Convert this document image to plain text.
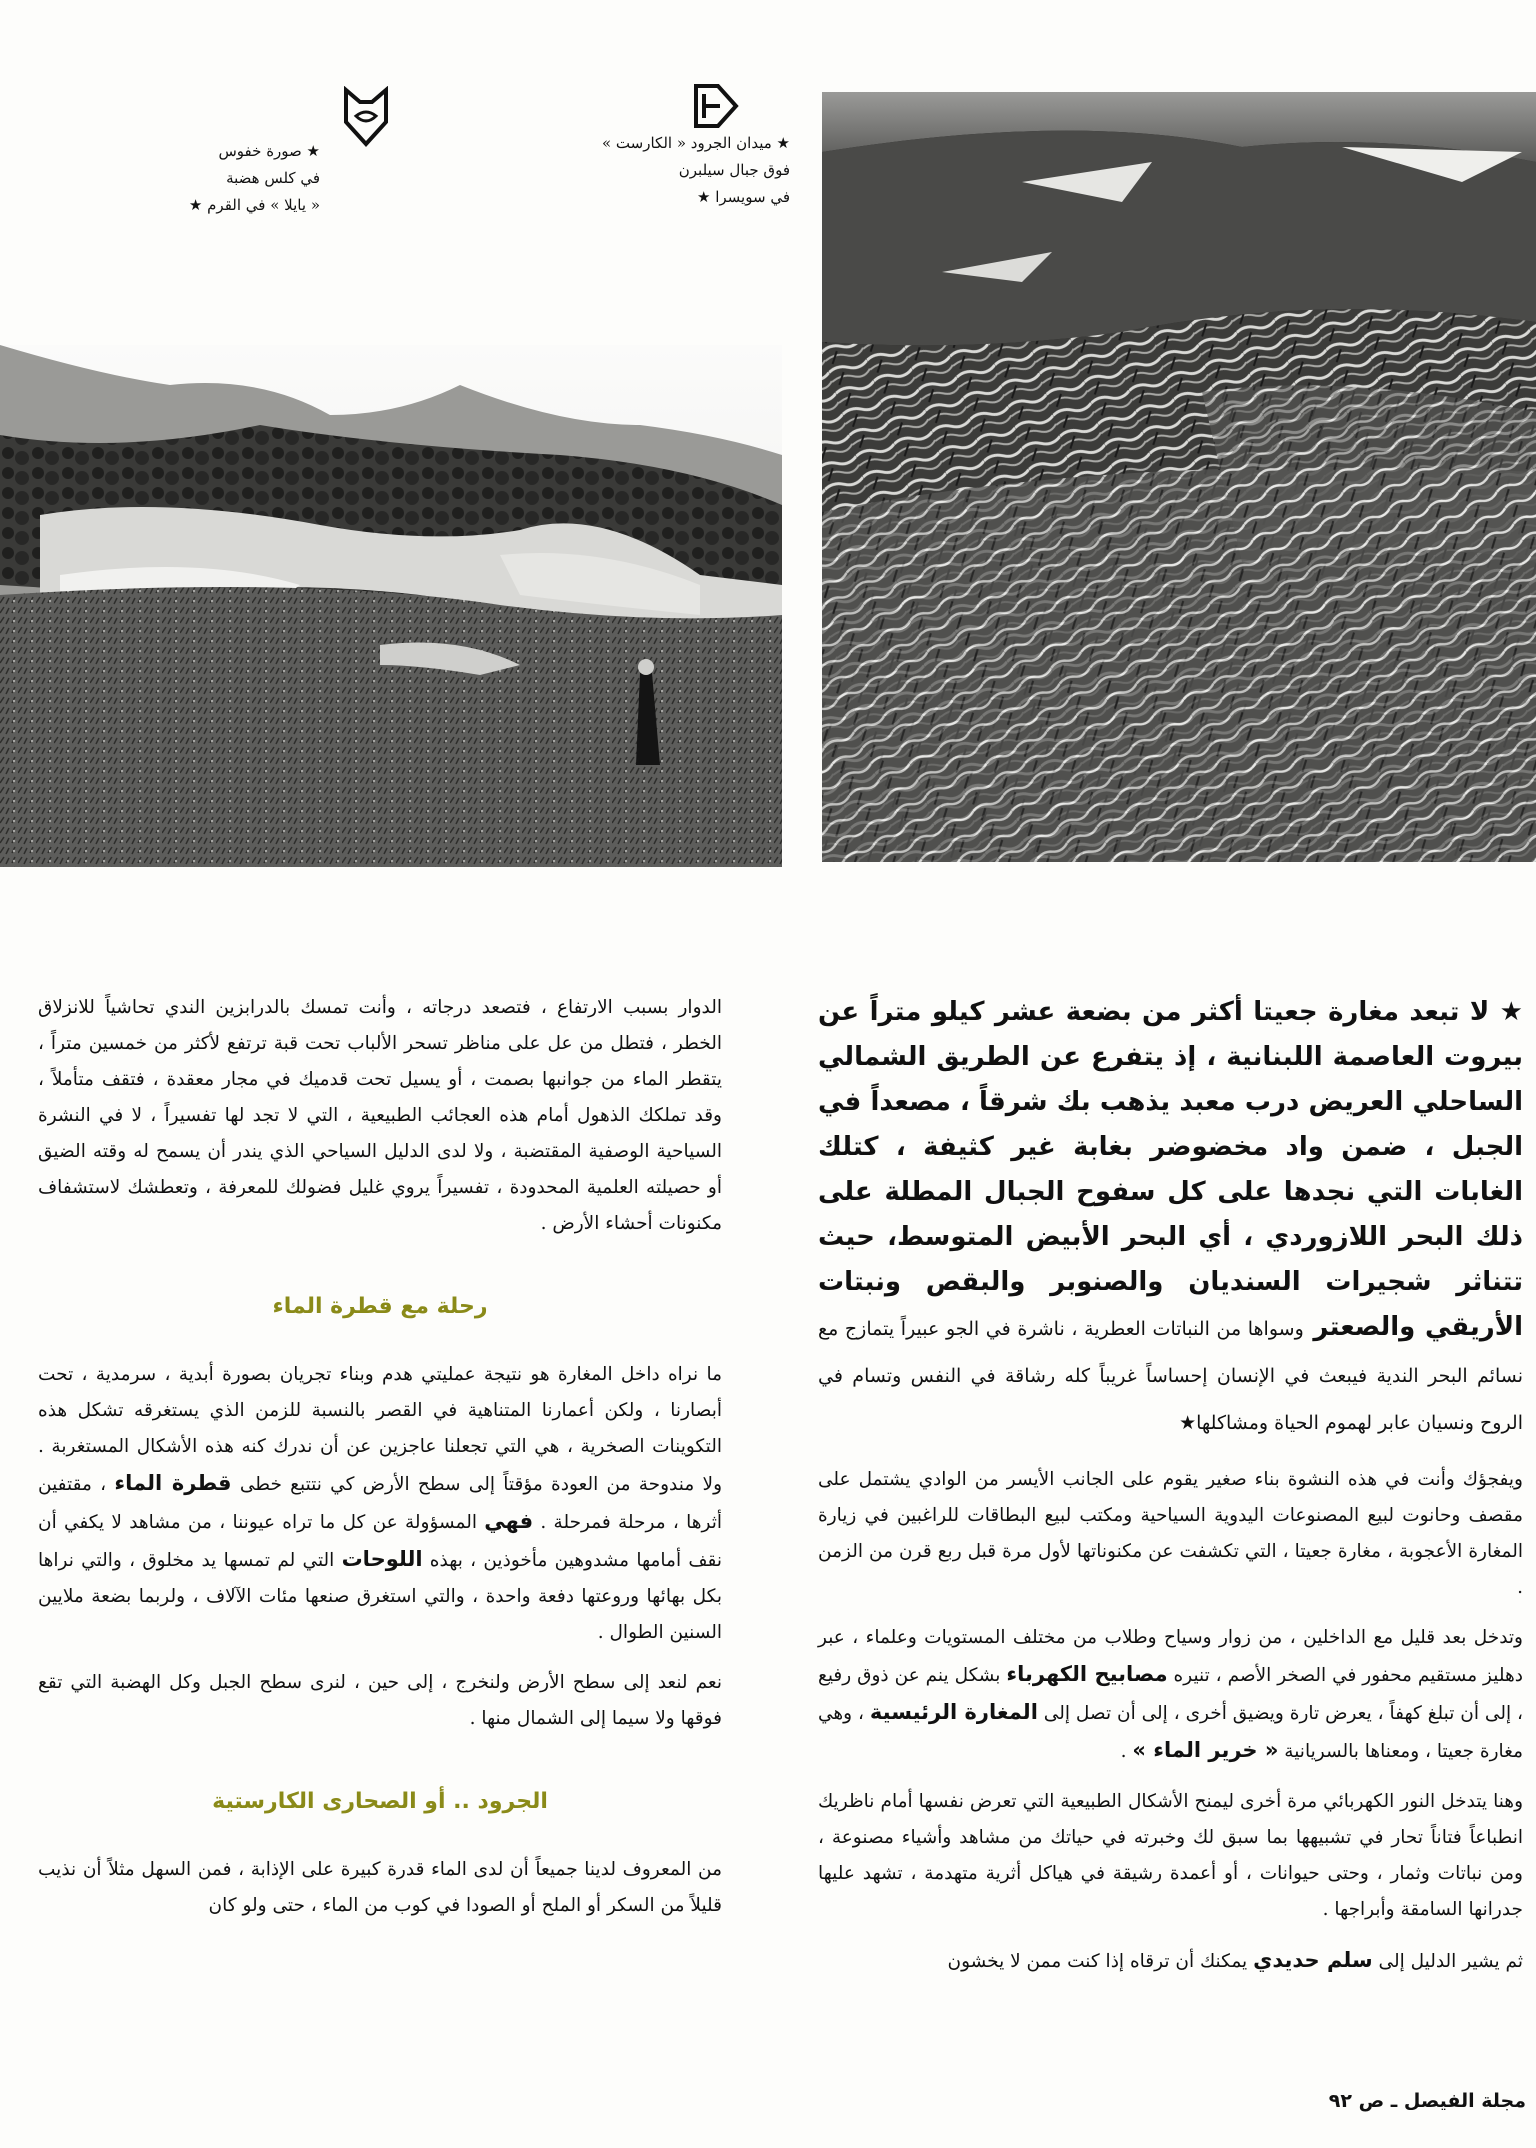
★ ميدان الجرود « الكارست »
فوق جبال سيلبرن
في سويسرا ★
★ صورة خفوس
في كلس هضبة
« يايلا » في القرم ★

★ لا تبعد مغارة جعيتا أكثر من بضعة عشر كيلو متراً عن بيروت العاصمة اللبنانية ، إذ يتفرع عن الطريق الشمالي الساحلي العريض درب معبد يذهب بك شرقاً ، مصعداً في الجبل ، ضمن واد مخضوضر بغابة غير كثيفة ، كتلك الغابات التي نجدها على كل سفوح الجبال المطلة على ذلك البحر اللازوردي ، أي البحر الأبيض المتوسط، حيث تتناثر شجيرات السنديان والصنوبر والبقص ونبتات الأريقي والصعتر وسواها من النباتات العطرية ، ناشرة في الجو عبيراً يتمازج مع نسائم البحر الندية فيبعث في الإنسان إحساساً غريباً كله رشاقة في النفس وتسام في الروح ونسيان عابر لهموم الحياة ومشاكلها★

ويفجؤك وأنت في هذه النشوة بناء صغير يقوم على الجانب الأيسر من الوادي يشتمل على مقصف وحانوت لبيع المصنوعات اليدوية السياحية ومكتب لبيع البطاقات للراغبين في زيارة المغارة الأعجوبة ، مغارة جعيتا ، التي تكشفت عن مكنوناتها لأول مرة قبل ربع قرن من الزمن .

وتدخل بعد قليل مع الداخلين ، من زوار وسياح وطلاب من مختلف المستويات وعلماء ، عبر دهليز مستقيم محفور في الصخر الأصم ، تنيره مصابيح الكهرباء بشكل ينم عن ذوق رفيع ، إلى أن تبلغ كهفاً ، يعرض تارة ويضيق أخرى ، إلى أن تصل إلى المغارة الرئيسية ، وهي مغارة جعيتا ، ومعناها بالسريانية « خرير الماء » .

وهنا يتدخل النور الكهربائي مرة أخرى ليمنح الأشكال الطبيعية التي تعرض نفسها أمام ناظريك انطباعاً فتاناً تحار في تشبيهها بما سبق لك وخبرته في حياتك من مشاهد وأشياء مصنوعة ، ومن نباتات وثمار ، وحتى حيوانات ، أو أعمدة رشيقة في هياكل أثرية متهدمة ، تشهد عليها جدرانها السامقة وأبراجها .

ثم يشير الدليل إلى سلم حديدي يمكنك أن ترقاه إذا كنت ممن لا يخشون

الدوار بسبب الارتفاع ، فتصعد درجاته ، وأنت تمسك بالدرابزين الندي تحاشياً للانزلاق الخطر ، فتطل من عل على مناظر تسحر الألباب تحت قبة ترتفع لأكثر من خمسين متراً ، يتقطر الماء من جوانبها بصمت ، أو يسيل تحت قدميك في مجار معقدة ، فتقف متأملاً ، وقد تملكك الذهول أمام هذه العجائب الطبيعية ، التي لا تجد لها تفسيراً ، لا في النشرة السياحية الوصفية المقتضبة ، ولا لدى الدليل السياحي الذي يندر أن يسمح له وقته الضيق أو حصيلته العلمية المحدودة ، تفسيراً يروي غليل فضولك للمعرفة ، وتعطشك لاستشفاف مكنونات أحشاء الأرض .

رحلة مع قطرة الماء

ما نراه داخل المغارة هو نتيجة عمليتي هدم وبناء تجريان بصورة أبدية ، سرمدية ، تحت أبصارنا ، ولكن أعمارنا المتناهية في القصر بالنسبة للزمن الذي يستغرقه تشكل هذه التكوينات الصخرية ، هي التي تجعلنا عاجزين عن أن ندرك كنه هذه الأشكال المستغربة . ولا مندوحة من العودة مؤقتاً إلى سطح الأرض كي نتتبع خطى قطرة الماء ، مقتفين أثرها ، مرحلة فمرحلة . فهي المسؤولة عن كل ما تراه عيوننا ، من مشاهد لا يكفي أن نقف أمامها مشدوهين مأخوذين ، بهذه اللوحات التي لم تمسها يد مخلوق ، والتي نراها بكل بهائها وروعتها دفعة واحدة ، والتي استغرق صنعها مئات الآلاف ، ولربما بضعة ملايين السنين الطوال .

نعم لنعد إلى سطح الأرض ولنخرج ، إلى حين ، لنرى سطح الجبل وكل الهضبة التي تقع فوقها ولا سيما إلى الشمال منها .

الجرود .. أو الصحارى الكارستية

من المعروف لدينا جميعاً أن لدى الماء قدرة كبيرة على الإذابة ، فمن السهل مثلاً أن نذيب قليلاً من السكر أو الملح أو الصودا في كوب من الماء ، حتى ولو كان

مجلة الفيصل ـ ص ٩٢
